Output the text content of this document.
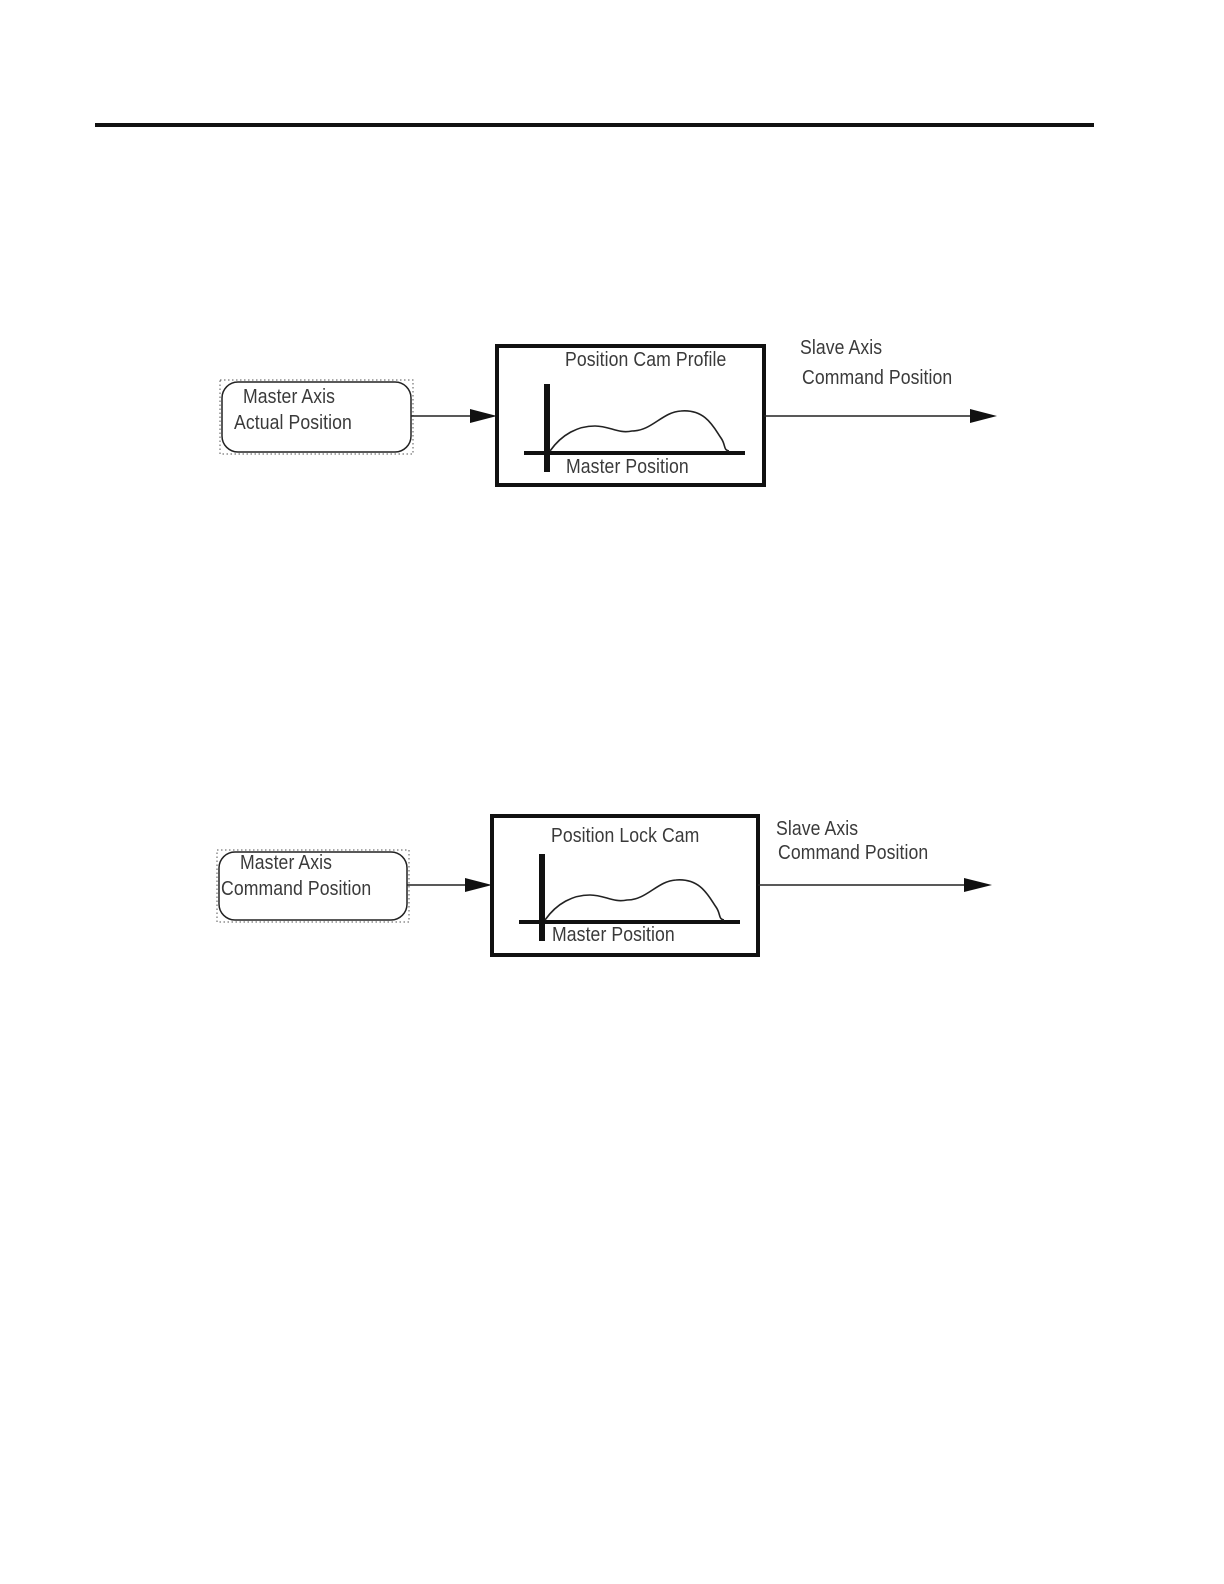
Master Axis
Actual Position
Position Cam Profile
Master Position
Slave Axis
Command Position
Master Axis
Command Position
Position Lock Cam
Master Position
Slave Axis
Command Position
